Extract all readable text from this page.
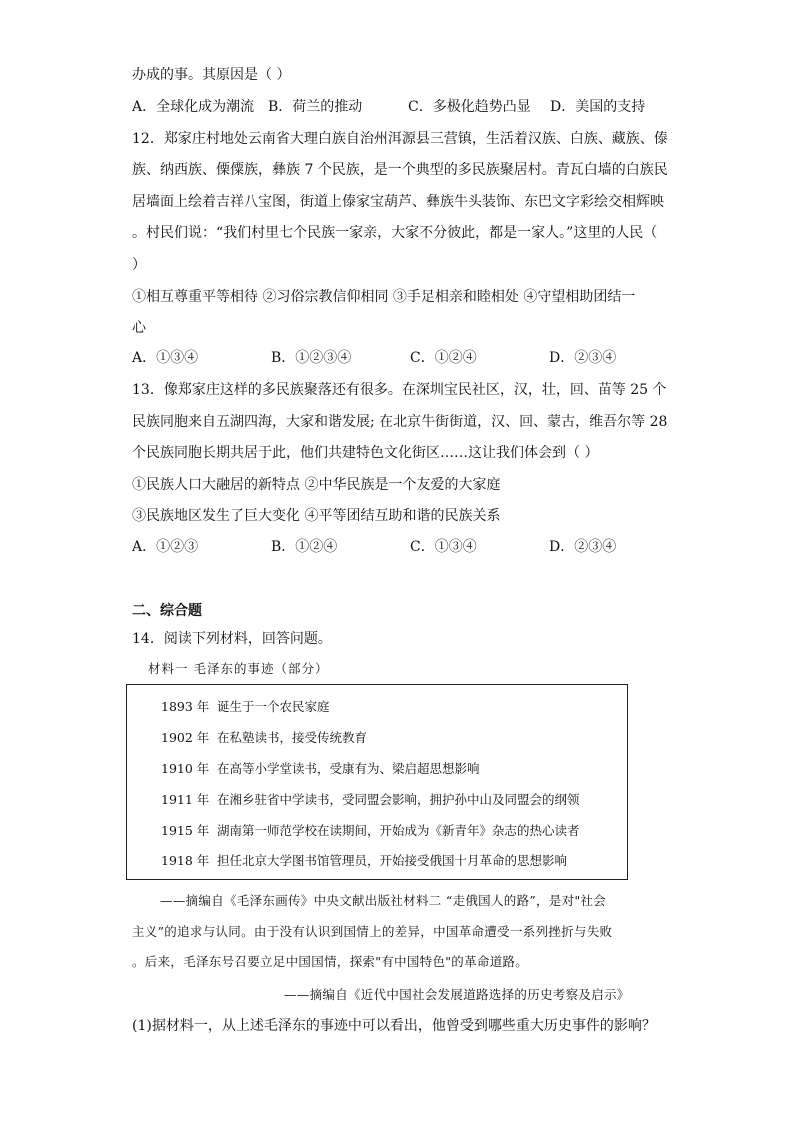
办成的事。其原因是（ ）
A．全球化成为潮流 B．荷兰的推动	C．多极化趋势凸显 D．美国的支持
12．郑家庄村地处云南省大理白族自治州洱源县三营镇，生活着汉族、白族、藏族、傣
族、纳西族、傈僳族，彝族 7 个民族，是一个典型的多民族聚居村。青瓦白墙的白族民
居墙面上绘着吉祥八宝图，街道上傣家宝葫芦、彝族牛头装饰、东巴文字彩绘交相辉映
。村民们说：“我们村里七个民族一家亲，大家不分彼此，都是一家人。”这里的人民（
）
①相互尊重平等相待 ②习俗宗教信仰相同 ③手足相亲和睦相处 ④守望相助团结一
心
A．①③④	B．①②③④	C．①②④	D．②③④
13．像郑家庄这样的多民族聚落还有很多。在深圳宝民社区，汉，壮，回、苗等 25 个
民族同胞来自五湖四海，大家和谐发展; 在北京牛街街道，汉、回、蒙古，维吾尔等 28
个民族同胞长期共居于此，他们共建特色文化街区……这让我们体会到（ ）
①民族人口大融居的新特点 ②中华民族是一个友爱的大家庭
③民族地区发生了巨大变化 ④平等团结互助和谐的民族关系
A．①②③	B．①②④	C．①③④	D．②③④
二、综合题
14．阅读下列材料，回答问题。
材料一 毛泽东的事迹（部分）
1893 年 诞生于一个农民家庭
1902 年 在私塾读书，接受传统教育
1910 年 在高等小学堂读书，受康有为、梁启超思想影响
1911 年 在湘乡驻省中学读书，受同盟会影响，拥护孙中山及同盟会的纲领
1915 年 湖南第一师范学校在读期间，开始成为《新青年》杂志的热心读者
1918 年 担任北京大学图书馆管理员，开始接受俄国十月革命的思想影响
——摘编自《毛泽东画传》中央文献出版社材料二 “走俄国人的路”，是对"社会
主义”的追求与认同。由于没有认识到国情上的差异，中国革命遭受一系列挫折与失败
。后来，毛泽东号召要立足中国国情，探索"有中国特色"的革命道路。
——摘编自《近代中国社会发展道路选择的历史考察及启示》
(1)据材料一，从上述毛泽东的事迹中可以看出，他曾受到哪些重大历史事件的影响？
